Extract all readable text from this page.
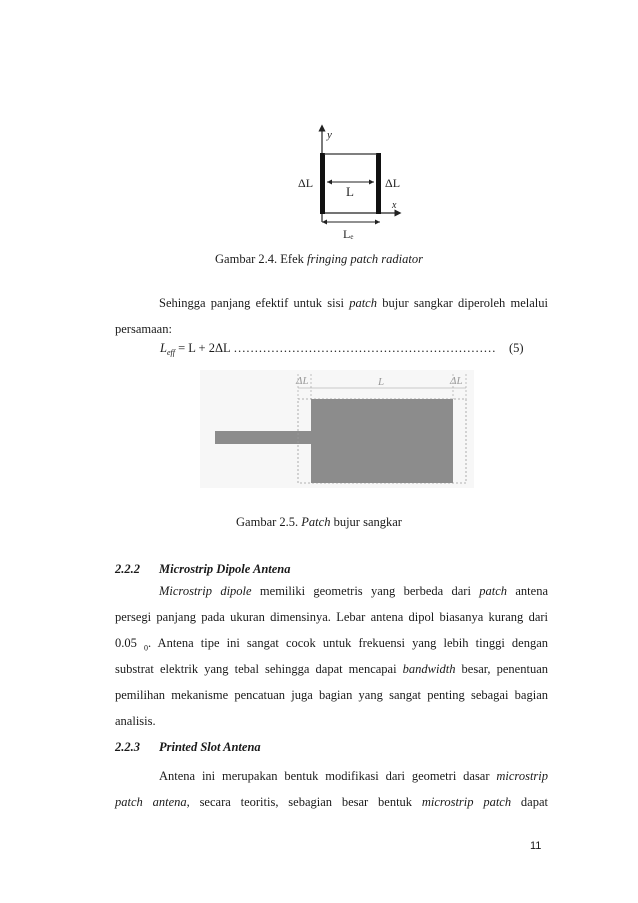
y
x
L
ΔL	ΔL
Lₑ
Gambar 2.4. Efek fringing patch radiator
Sehingga panjang efektif untuk sisi patch bujur sangkar diperoleh melalui
persamaan:
$L_{eff} = L + 2\Delta L$ ……………………………………………………… (5)
ΔL	L	ΔL
Gambar 2.5. Patch bujur sangkar
2.2.2 Microstrip Dipole Antena
Microstrip dipole memiliki geometris yang berbeda dari patch antena
persegi panjang pada ukuran dimensinya. Lebar antena dipol biasanya kurang dari
0.05 $_0$. Antena tipe ini sangat cocok untuk frekuensi yang lebih tinggi dengan
substrat elektrik yang tebal sehingga dapat mencapai bandwidth besar, penentuan
pemilihan mekanisme pencatuan juga bagian yang sangat penting sebagai bagian
analisis.
2.2.3 Printed Slot Antena
Antena ini merupakan bentuk modifikasi dari geometri dasar microstrip
patch antena, secara teoritis, sebagian besar bentuk microstrip patch dapat
11
